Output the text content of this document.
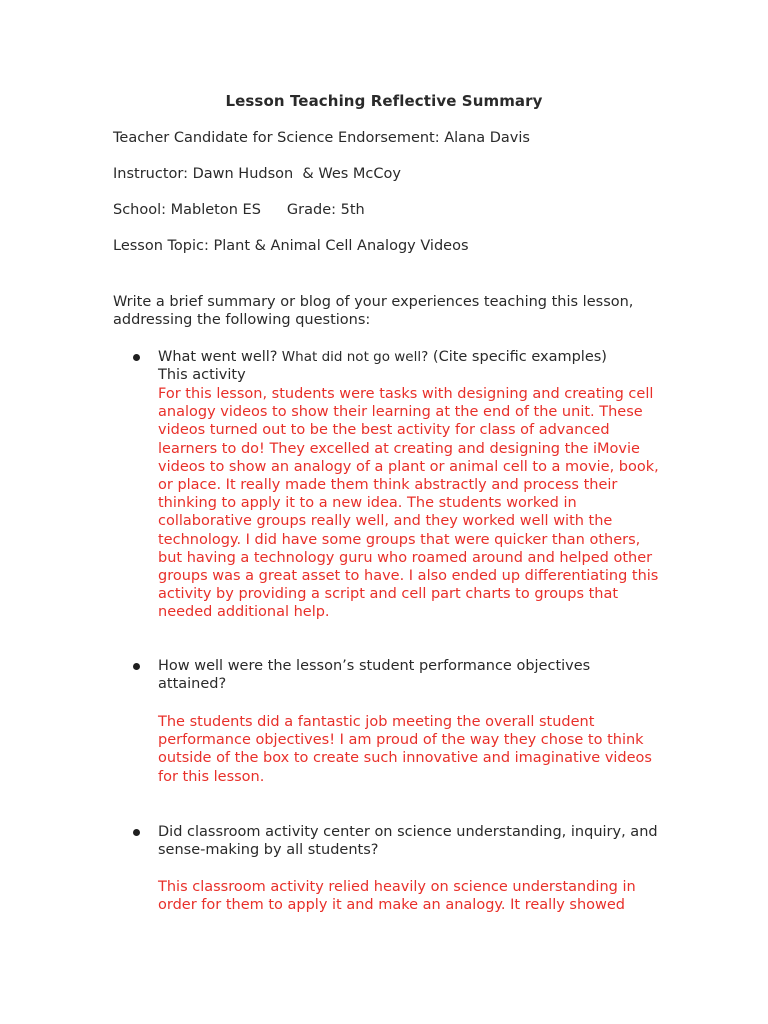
Lesson Teaching Reflective Summary
Teacher Candidate for Science Endorsement: Alana Davis
Instructor: Dawn Hudson  & Wes McCoy
School: Mableton ES Grade: 5th
Lesson Topic: Plant & Animal Cell Analogy Videos
Write a brief summary or blog of your experiences teaching this lesson, addressing the following questions:
What went well? What did not go well? (Cite specific examples)
This activity
For this lesson, students were tasks with designing and creating cell analogy videos to show their learning at the end of the unit. These videos turned out to be the best activity for class of advanced learners to do! They excelled at creating and designing the iMovie videos to show an analogy of a plant or animal cell to a movie, book, or place. It really made them think abstractly and process their thinking to apply it to a new idea. The students worked in collaborative groups really well, and they worked well with the technology. I did have some groups that were quicker than others, but having a technology guru who roamed around and helped other groups was a great asset to have. I also ended up differentiating this activity by providing a script and cell part charts to groups that needed additional help.
How well were the lesson’s student performance objectives attained?
The students did a fantastic job meeting the overall student performance objectives! I am proud of the way they chose to think outside of the box to create such innovative and imaginative videos for this lesson.
Did classroom activity center on science understanding, inquiry, and sense-making by all students?
This classroom activity relied heavily on science understanding in order for them to apply it and make an analogy. It really showed
